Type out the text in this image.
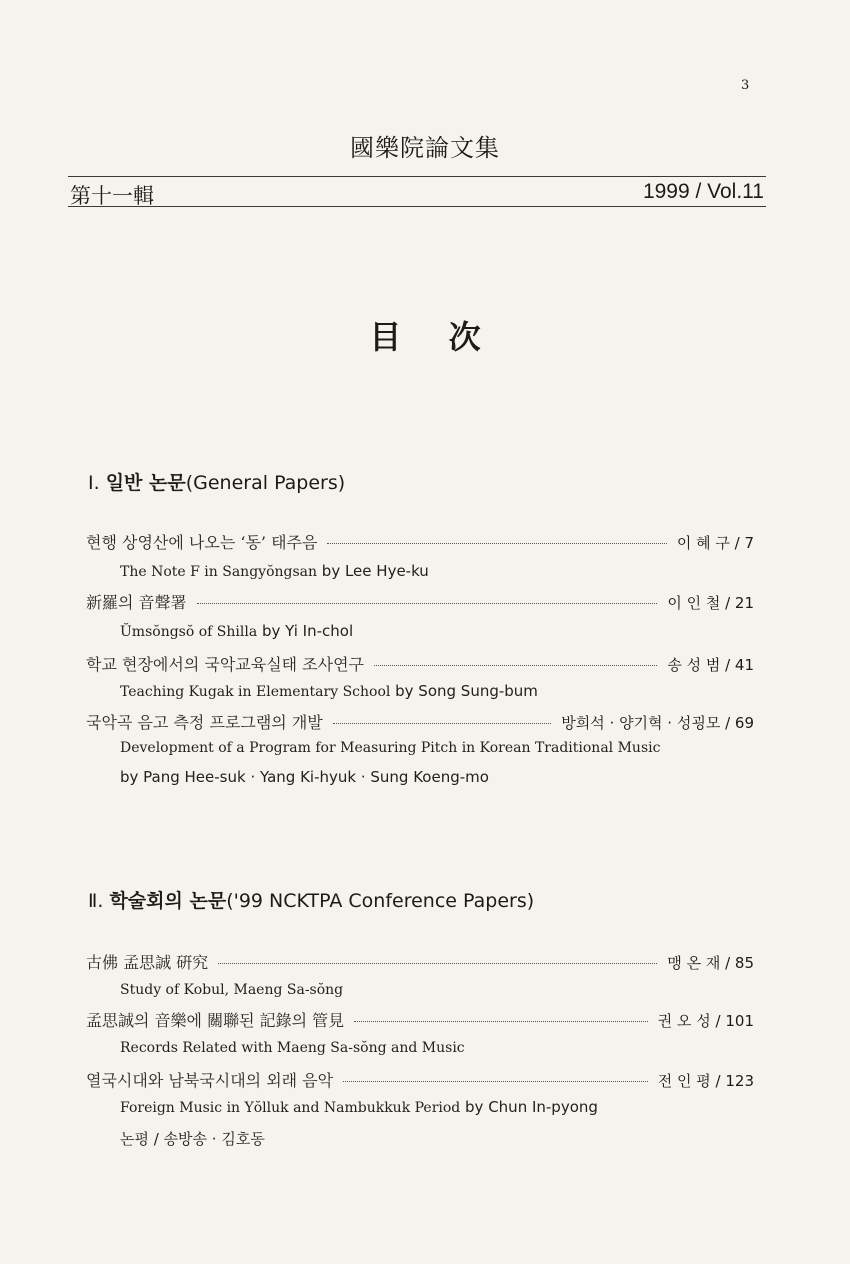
3
國樂院論文集
第十一輯	1999 / Vol.11
目 次
Ⅰ. 일반 논문(General Papers)
현행 상영산에 나오는 ‘동’ 태주음	이 혜 구 / 7
The Note F in Sangyŏngsan by Lee Hye-ku
新羅의 音聲署	이 인 철 / 21
Ŭmsŏngsŏ of Shilla by Yi In-chol
학교 현장에서의 국악교육실태 조사연구	송 성 범 / 41
Teaching Kugak in Elementary School by Song Sung-bum
국악곡 음고 측정 프로그램의 개발	방희석 · 양기혁 · 성굉모 / 69
Development of a Program for Measuring Pitch in Korean Traditional Music
by Pang Hee-suk · Yang Ki-hyuk · Sung Koeng-mo
Ⅱ. 학술회의 논문('99 NCKTPA Conference Papers)
古佛 孟思誠 硏究	맹 온 재 / 85
Study of Kobul, Maeng Sa-sŏng
孟思誠의 音樂에 關聯된 記錄의 管見	권 오 성 / 101
Records Related with Maeng Sa-sŏng and Music
열국시대와 남북국시대의 외래 음악	전 인 평 / 123
Foreign Music in Yŏlluk and Nambukkuk Period by Chun In-pyong
논평 / 송방송 · 김호동
